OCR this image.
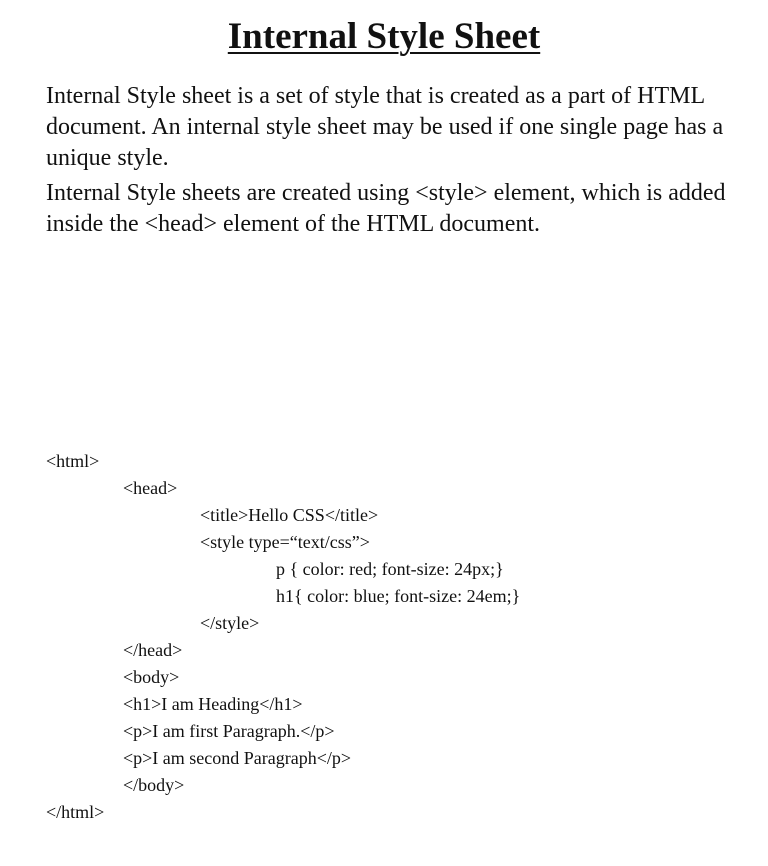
Internal Style Sheet

Internal Style sheet is a set of style that is created as a part of HTML document. An internal style sheet may be used if one single page has a unique style.

Internal Style sheets are created using <style> element, which is added inside the <head> element of the HTML document.

<html>
<head>
<title>Hello CSS</title>
<style type=“text/css”>
p { color: red; font-size: 24px;}
h1{ color: blue; font-size: 24em;}
</style>
</head>
<body>
<h1>I am Heading</h1>
<p>I am first Paragraph.</p>
<p>I am second Paragraph</p>
</body>
</html>
